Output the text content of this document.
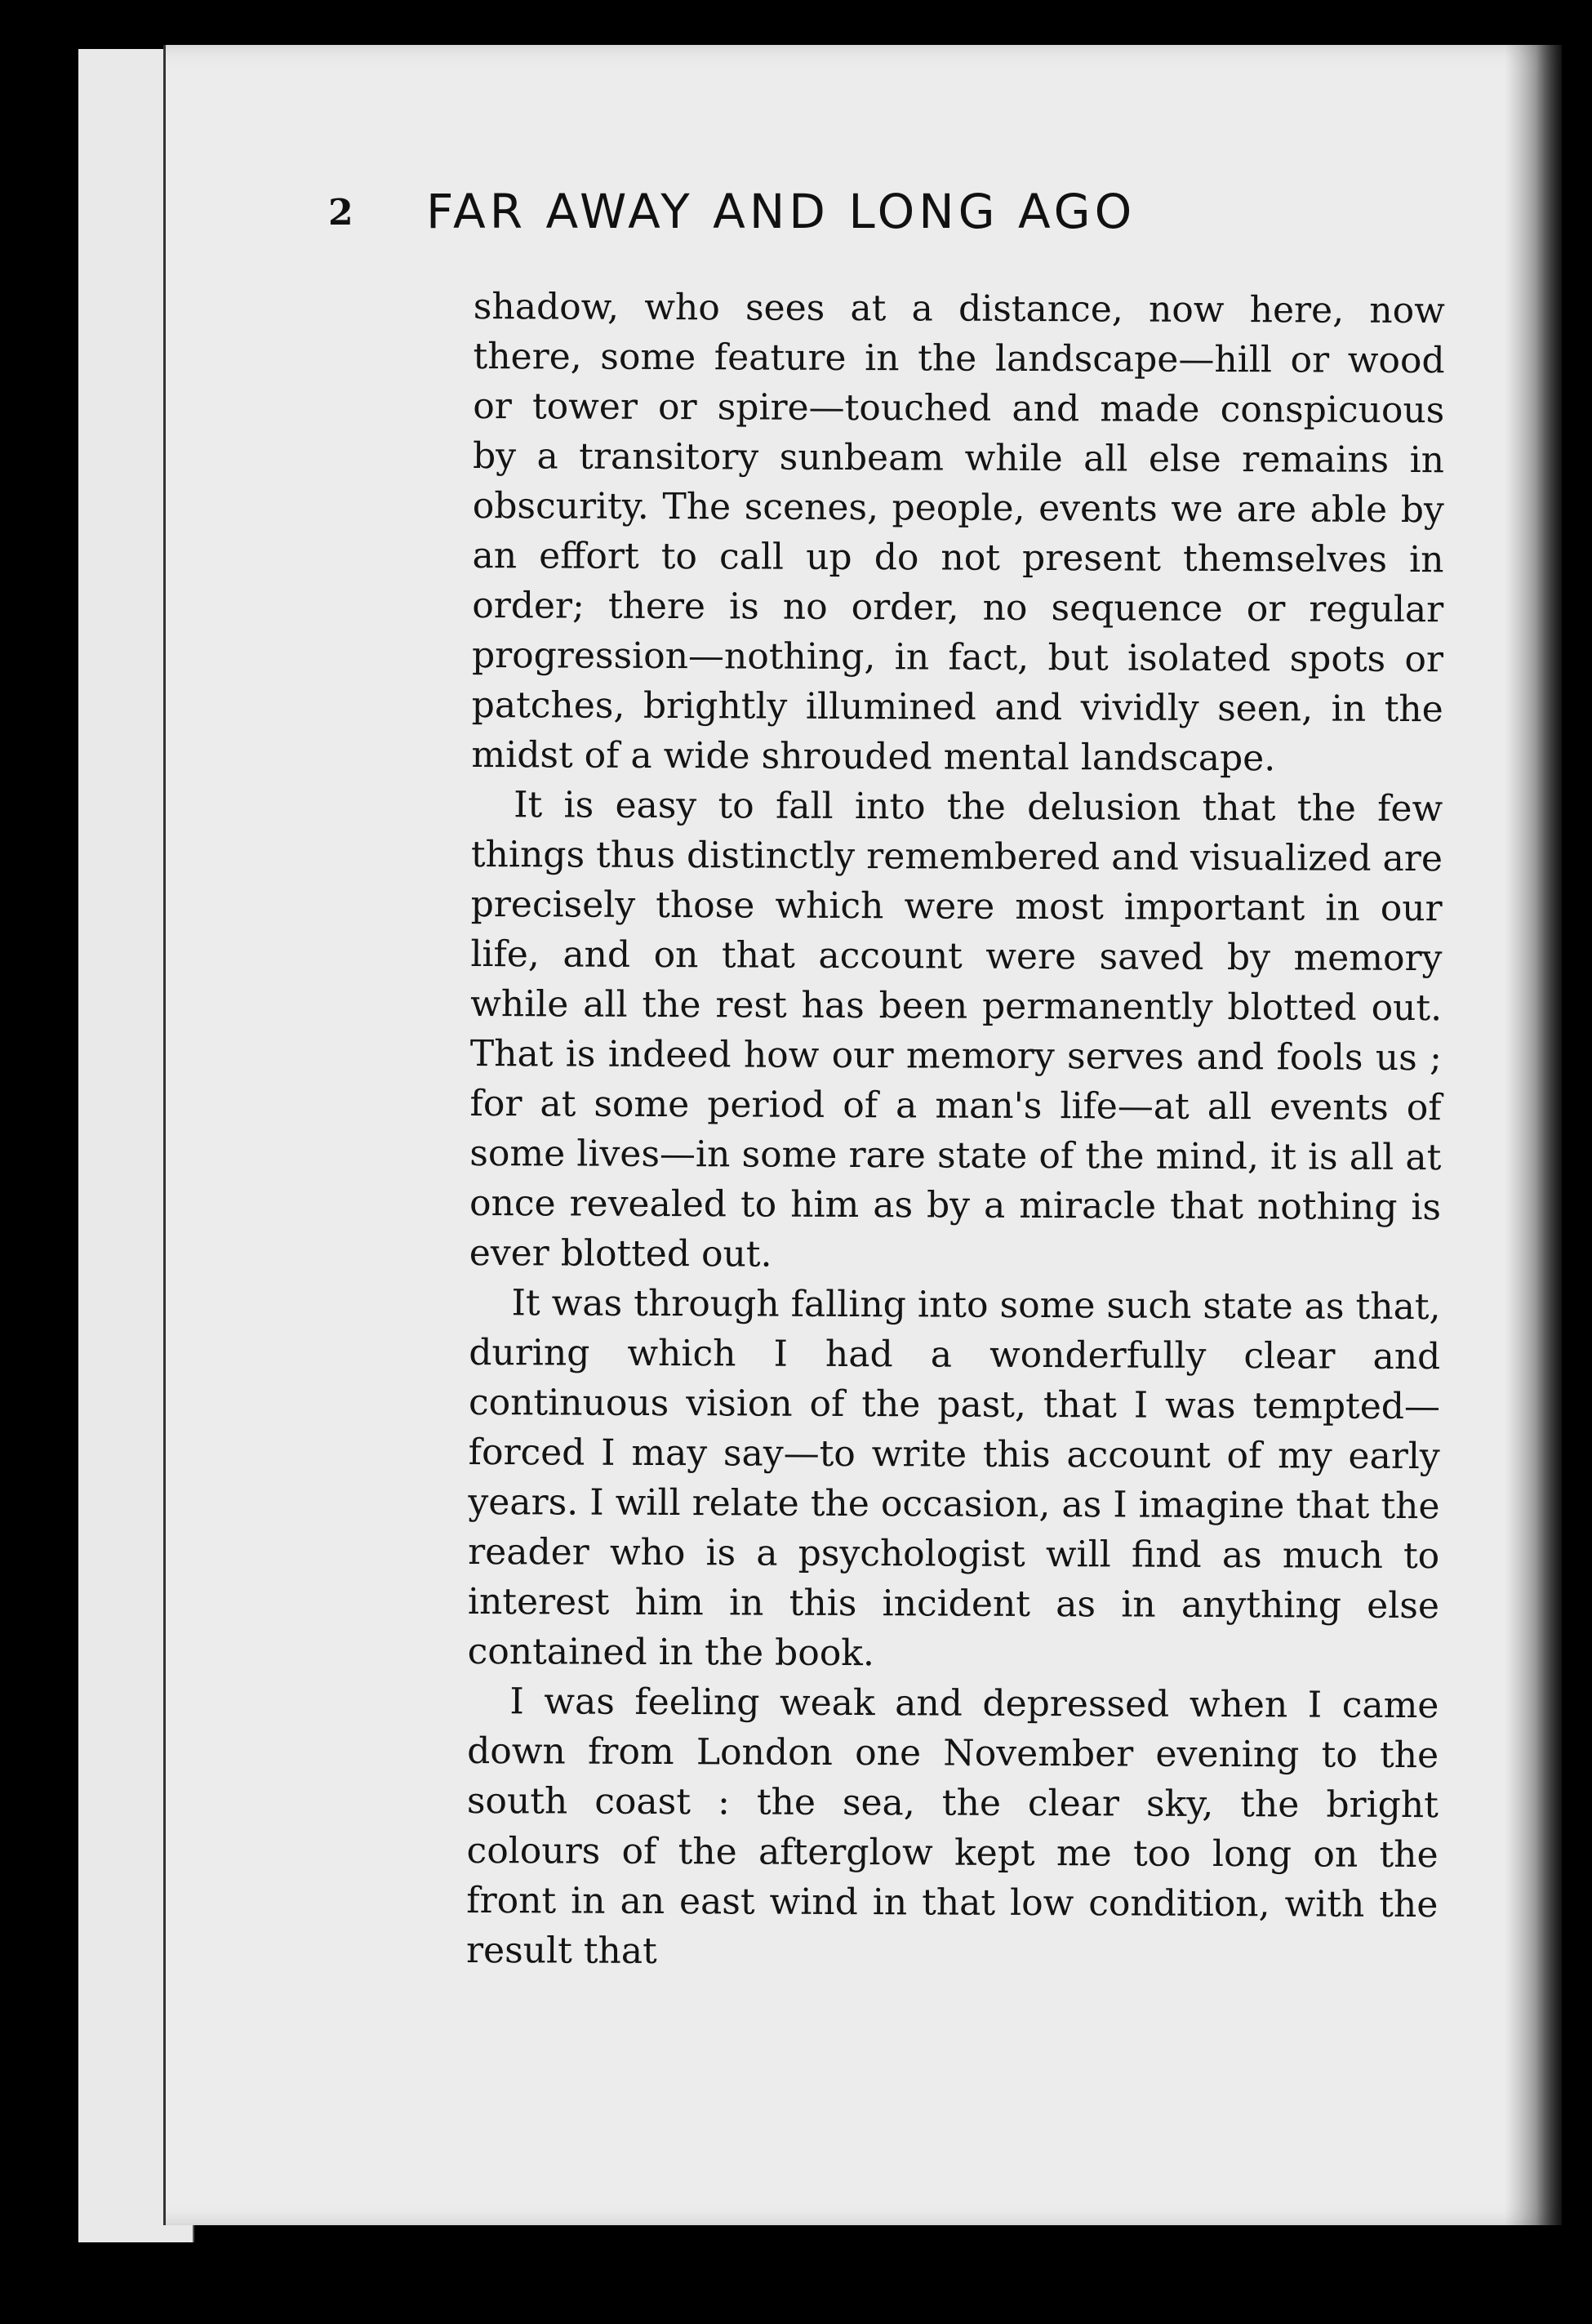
2 FAR AWAY AND LONG AGO

shadow, who sees at a distance, now here, now there, some feature in the landscape—hill or wood or tower or spire—touched and made conspicuous by a transitory sunbeam while all else remains in obscurity. The scenes, people, events we are able by an effort to call up do not present themselves in order; there is no order, no sequence or regular progression—nothing, in fact, but isolated spots or patches, brightly illumined and vividly seen, in the midst of a wide shrouded mental landscape.

It is easy to fall into the delusion that the few things thus distinctly remembered and visualized are precisely those which were most important in our life, and on that account were saved by memory while all the rest has been permanently blotted out. That is indeed how our memory serves and fools us ; for at some period of a man's life—at all events of some lives—in some rare state of the mind, it is all at once revealed to him as by a miracle that nothing is ever blotted out.

It was through falling into some such state as that, during which I had a wonderfully clear and continuous vision of the past, that I was tempted—forced I may say—to write this account of my early years. I will relate the occasion, as I imagine that the reader who is a psychologist will find as much to interest him in this incident as in anything else contained in the book.

I was feeling weak and depressed when I came down from London one November evening to the south coast : the sea, the clear sky, the bright colours of the afterglow kept me too long on the front in an east wind in that low condition, with the result that
